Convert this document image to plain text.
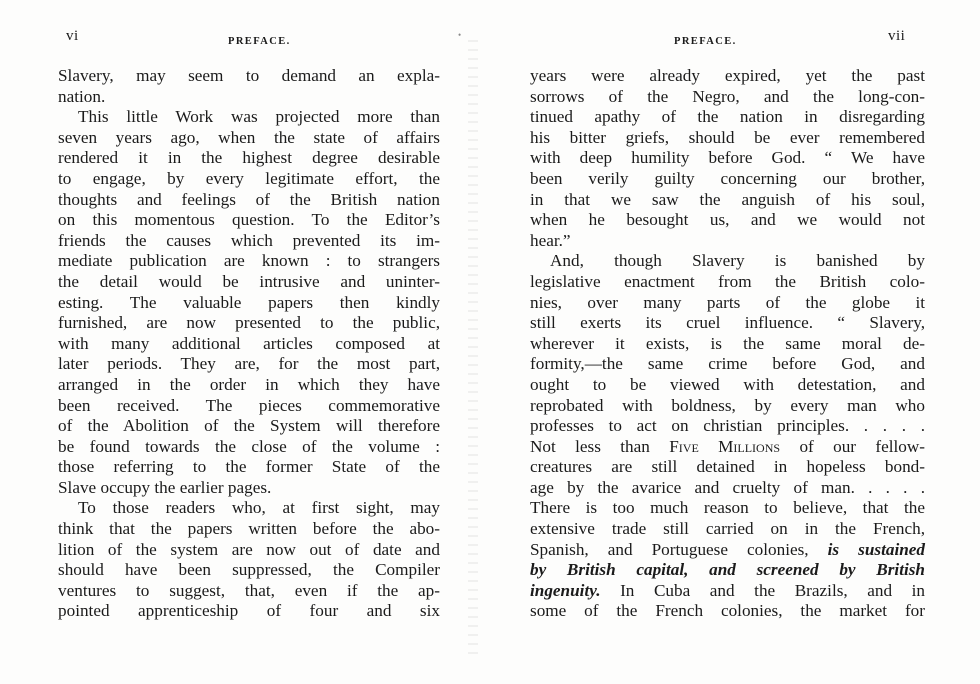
vi	PREFACE.
Slavery, may seem to demand an expla-
nation.
This little Work was projected more than
seven years ago, when the state of affairs
rendered it in the highest degree desirable
to engage, by every legitimate effort, the
thoughts and feelings of the British nation
on this momentous question. To the Editor’s
friends the causes which prevented its im-
mediate publication are known : to strangers
the detail would be intrusive and uninter-
esting. The valuable papers then kindly
furnished, are now presented to the public,
with many additional articles composed at
later periods. They are, for the most part,
arranged in the order in which they have
been received. The pieces commemorative
of the Abolition of the System will therefore
be found towards the close of the volume :
those referring to the former State of the
Slave occupy the earlier pages.
To those readers who, at first sight, may
think that the papers written before the abo-
lition of the system are now out of date and
should have been suppressed, the Compiler
ventures to suggest, that, even if the ap-
pointed apprenticeship of four and six
•
PREFACE.	vii
years were already expired, yet the past
sorrows of the Negro, and the long-con-
tinued apathy of the nation in disregarding
his bitter griefs, should be ever remembered
with deep humility before God. “ We have
been verily guilty concerning our brother,
in that we saw the anguish of his soul,
when he besought us, and we would not
hear.”
And, though Slavery is banished by
legislative enactment from the British colo-
nies, over many parts of the globe it
still exerts its cruel influence. “ Slavery,
wherever it exists, is the same moral de-
formity,—the same crime before God, and
ought to be viewed with detestation, and
reprobated with boldness, by every man who
professes to act on christian principles. . . . .
Not less than Five Millions of our fellow-
creatures are still detained in hopeless bond-
age by the avarice and cruelty of man. . . . .
There is too much reason to believe, that the
extensive trade still carried on in the French,
Spanish, and Portuguese colonies, is sustained
by British capital, and screened by British
ingenuity. In Cuba and the Brazils, and in
some of the French colonies, the market for
